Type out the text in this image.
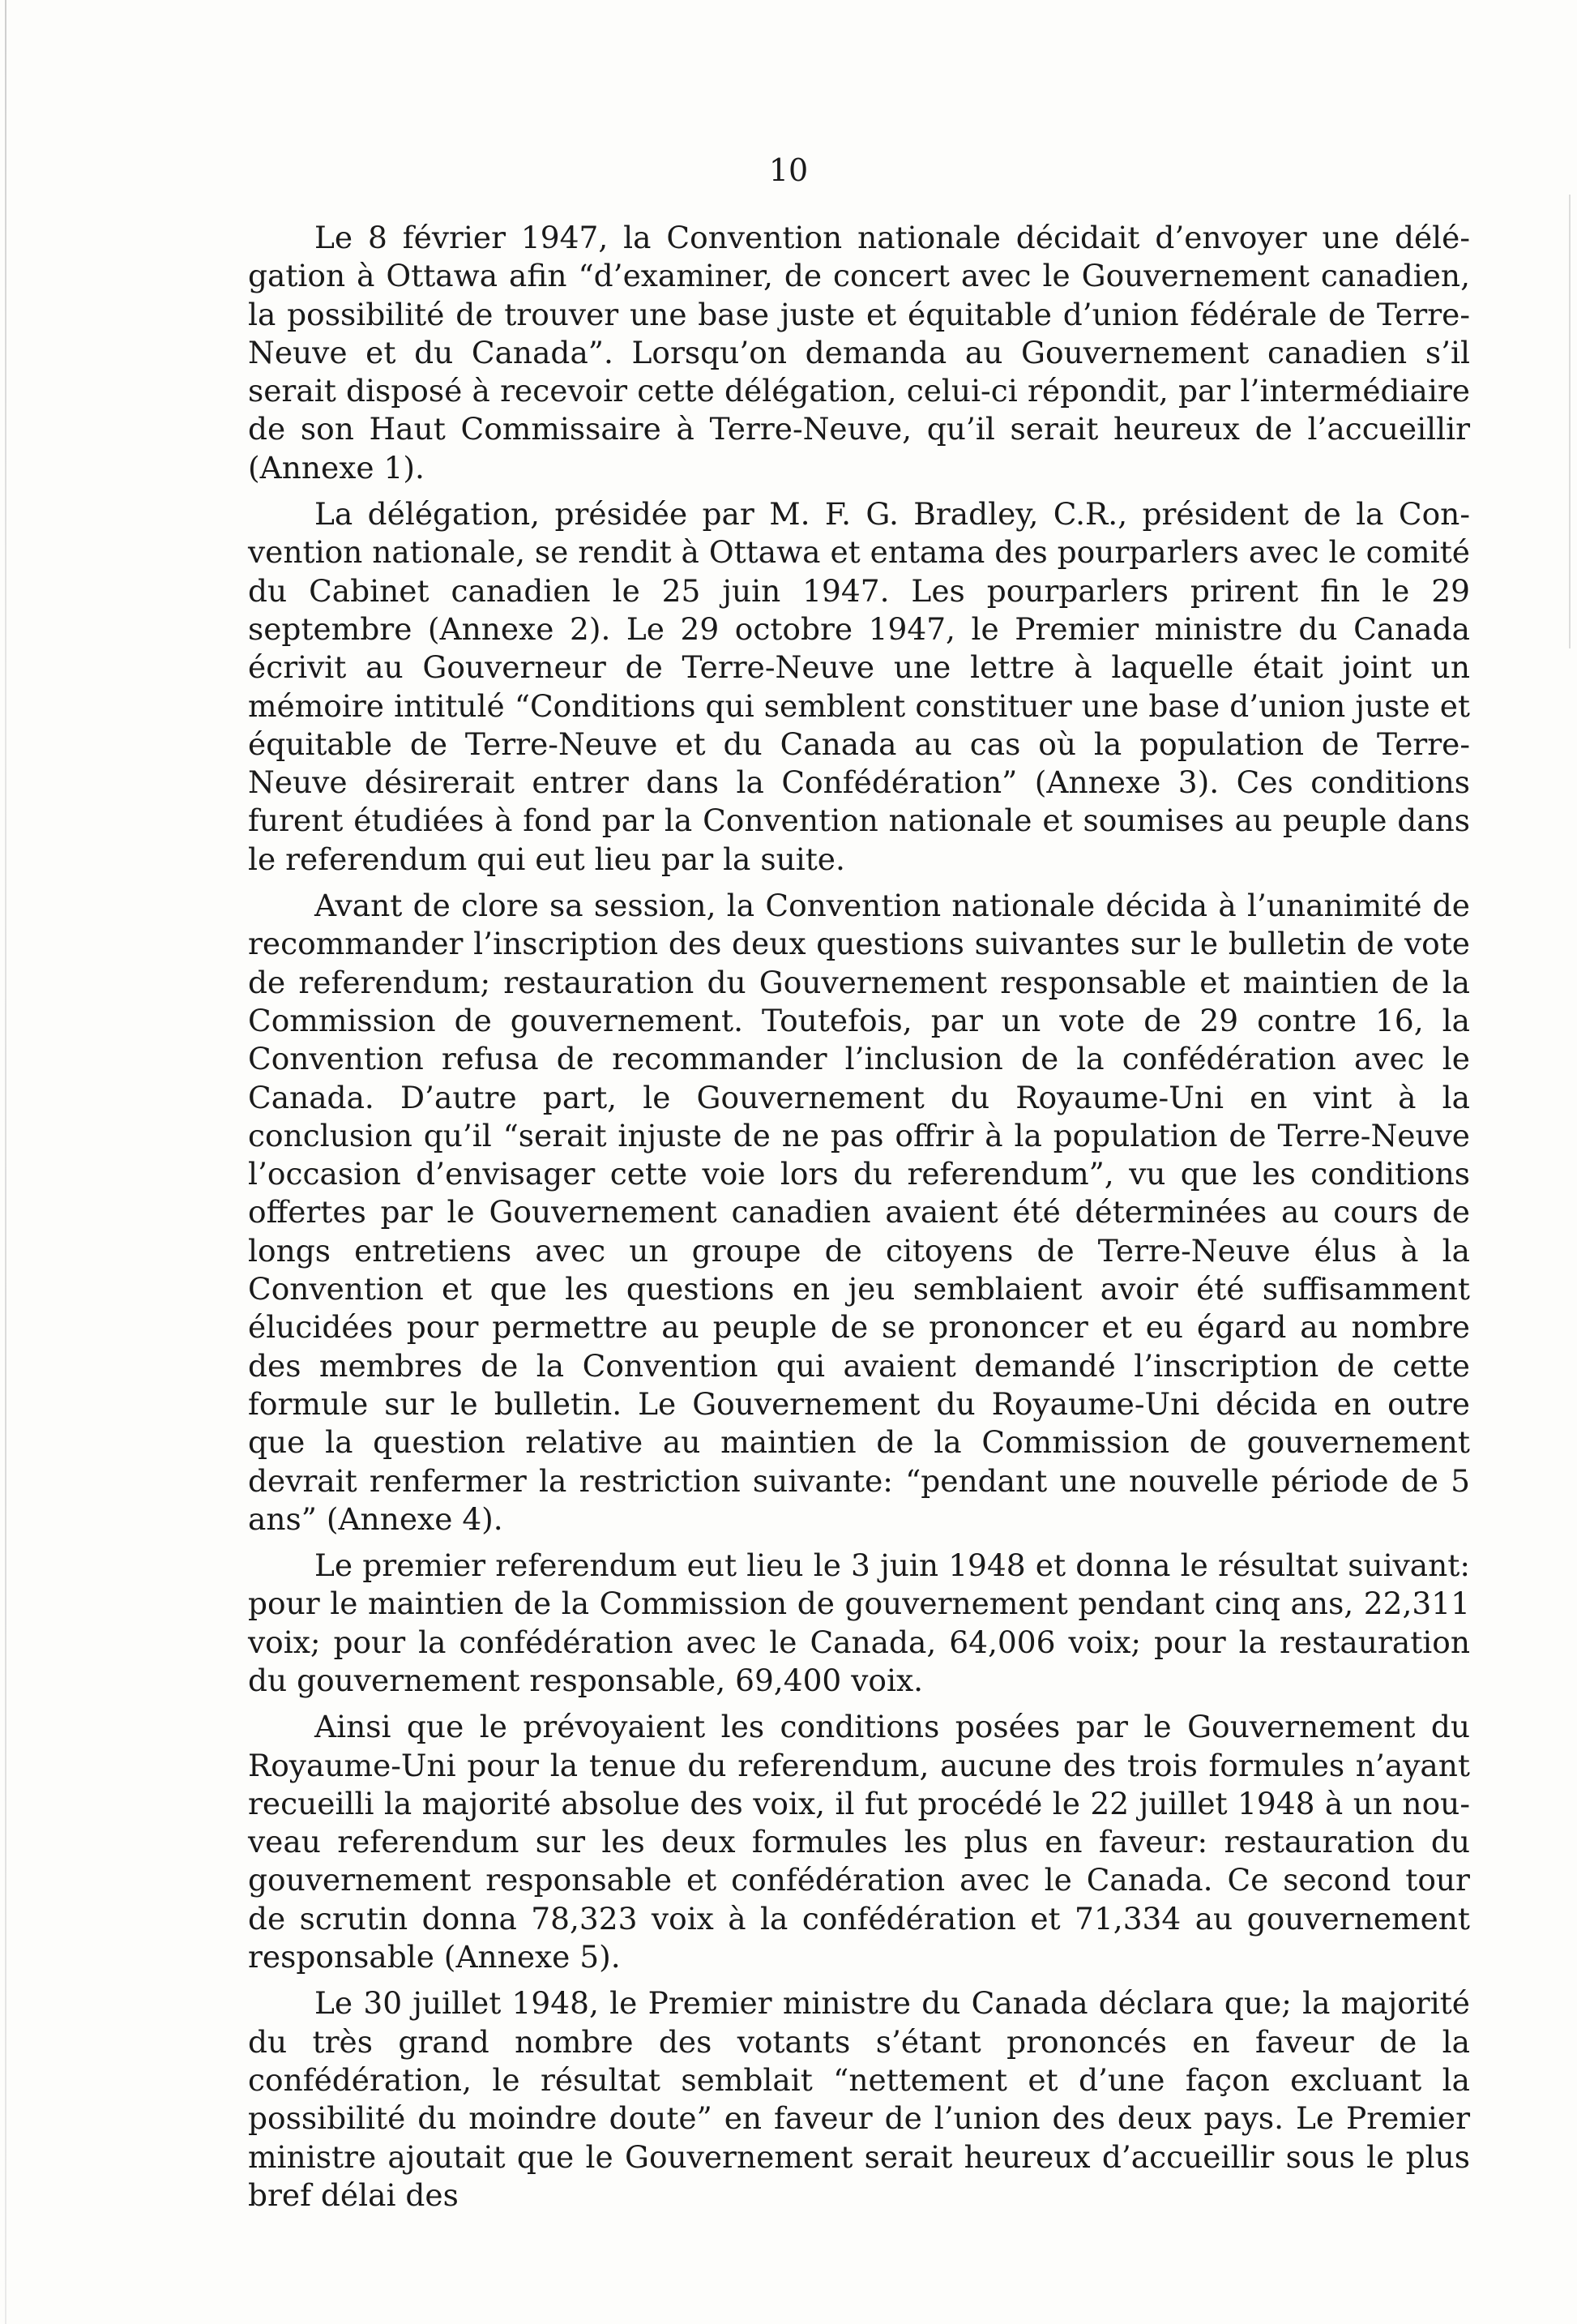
10

Le 8 février 1947, la Convention nationale décidait d’envoyer une délégation à Ottawa afin “d’examiner, de concert avec le Gouvernement canadien, la possibilité de trouver une base juste et équitable d’union fédérale de Terre-Neuve et du Canada”. Lorsqu’on demanda au Gouvernement canadien s’il serait disposé à recevoir cette délégation, celui-ci répondit, par l’intermédiaire de son Haut Commissaire à Terre-Neuve, qu’il serait heureux de l’accueillir (Annexe 1).

La délégation, présidée par M. F. G. Bradley, C.R., président de la Convention nationale, se rendit à Ottawa et entama des pourparlers avec le comité du Cabinet canadien le 25 juin 1947. Les pourparlers prirent fin le 29 septembre (Annexe 2). Le 29 octobre 1947, le Premier ministre du Canada écrivit au Gouverneur de Terre-Neuve une lettre à laquelle était joint un mémoire intitulé “Conditions qui semblent constituer une base d’union juste et équitable de Terre-Neuve et du Canada au cas où la population de Terre-Neuve désirerait entrer dans la Confédération” (Annexe 3). Ces conditions furent étudiées à fond par la Convention nationale et soumises au peuple dans le referendum qui eut lieu par la suite.

Avant de clore sa session, la Convention nationale décida à l’unanimité de recommander l’inscription des deux questions suivantes sur le bulletin de vote de referendum; restauration du Gouvernement responsable et maintien de la Commission de gouvernement. Toutefois, par un vote de 29 contre 16, la Convention refusa de recommander l’inclusion de la confédération avec le Canada. D’autre part, le Gouvernement du Royaume-Uni en vint à la conclusion qu’il “serait injuste de ne pas offrir à la population de Terre-Neuve l’occasion d’envisager cette voie lors du referendum”, vu que les conditions offertes par le Gouvernement canadien avaient été déterminées au cours de longs entretiens avec un groupe de citoyens de Terre-Neuve élus à la Convention et que les questions en jeu semblaient avoir été suffisamment élucidées pour permettre au peuple de se prononcer et eu égard au nombre des membres de la Convention qui avaient demandé l’inscription de cette formule sur le bulletin. Le Gouvernement du Royaume-Uni décida en outre que la question relative au maintien de la Commission de gouvernement devrait renfermer la restriction suivante: “pendant une nouvelle période de 5 ans” (Annexe 4).

Le premier referendum eut lieu le 3 juin 1948 et donna le résultat suivant: pour le maintien de la Commission de gouvernement pendant cinq ans, 22,311 voix; pour la confédération avec le Canada, 64,006 voix; pour la restauration du gouvernement responsable, 69,400 voix.

Ainsi que le prévoyaient les conditions posées par le Gouvernement du Royaume-Uni pour la tenue du referendum, aucune des trois formules n’ayant recueilli la majorité absolue des voix, il fut procédé le 22 juillet 1948 à un nouveau referendum sur les deux formules les plus en faveur: restauration du gouvernement responsable et confédération avec le Canada. Ce second tour de scrutin donna 78,323 voix à la confédération et 71,334 au gouvernement responsable (Annexe 5).

Le 30 juillet 1948, le Premier ministre du Canada déclara que; la majorité du très grand nombre des votants s’étant prononcés en faveur de la confédération, le résultat semblait “nettement et d’une façon excluant la possibilité du moindre doute” en faveur de l’union des deux pays. Le Premier ministre ajoutait que le Gouvernement serait heureux d’accueillir sous le plus bref délai des
